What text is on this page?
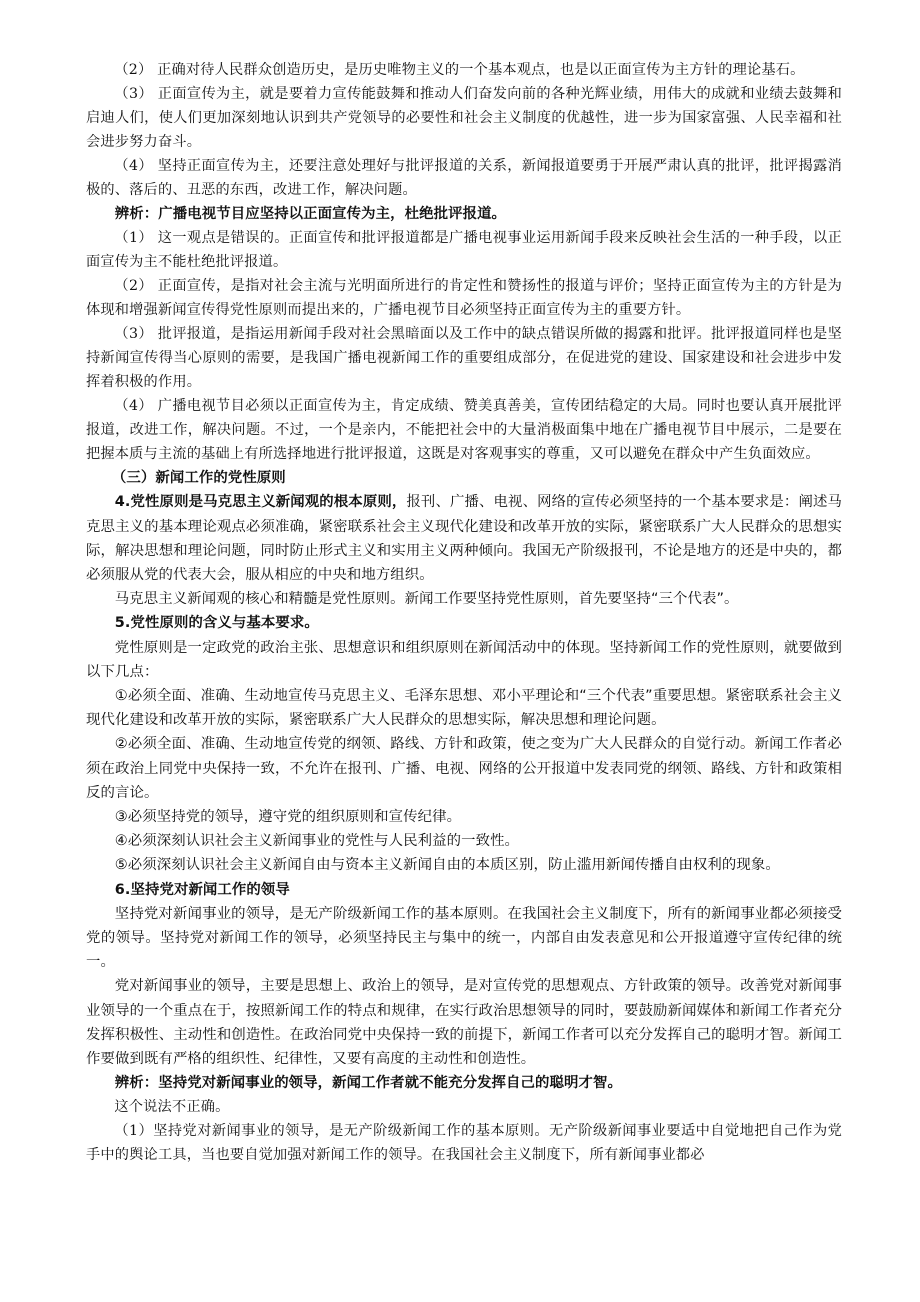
（2） 正确对待人民群众创造历史，是历史唯物主义的一个基本观点，也是以正面宣传为主方针的理论基石。

（3） 正面宣传为主，就是要着力宣传能鼓舞和推动人们奋发向前的各种光辉业绩，用伟大的成就和业绩去鼓舞和启迪人们，使人们更加深刻地认识到共产党领导的必要性和社会主义制度的优越性，进一步为国家富强、人民幸福和社会进步努力奋斗。

（4） 坚持正面宣传为主，还要注意处理好与批评报道的关系，新闻报道要勇于开展严肃认真的批评，批评揭露消极的、落后的、丑恶的东西，改进工作，解决问题。

辨析：广播电视节目应坚持以正面宣传为主，杜绝批评报道。

（1） 这一观点是错误的。正面宣传和批评报道都是广播电视事业运用新闻手段来反映社会生活的一种手段，以正面宣传为主不能杜绝批评报道。

（2） 正面宣传，是指对社会主流与光明面所进行的肯定性和赞扬性的报道与评价；坚持正面宣传为主的方针是为体现和增强新闻宣传得党性原则而提出来的，广播电视节目必须坚持正面宣传为主的重要方针。

（3） 批评报道，是指运用新闻手段对社会黑暗面以及工作中的缺点错误所做的揭露和批评。批评报道同样也是坚持新闻宣传得当心原则的需要，是我国广播电视新闻工作的重要组成部分，在促进党的建设、国家建设和社会进步中发挥着积极的作用。

（4） 广播电视节目必须以正面宣传为主，肯定成绩、赞美真善美，宣传团结稳定的大局。同时也要认真开展批评报道，改进工作，解决问题。不过，一个是亲内，不能把社会中的大量消极面集中地在广播电视节目中展示，二是要在把握本质与主流的基础上有所选择地进行批评报道，这既是对客观事实的尊重，又可以避免在群众中产生负面效应。

（三）新闻工作的党性原则

4.党性原则是马克思主义新闻观的根本原则，报刊、广播、电视、网络的宣传必须坚持的一个基本要求是：阐述马克思主义的基本理论观点必须准确，紧密联系社会主义现代化建设和改革开放的实际，紧密联系广大人民群众的思想实际，解决思想和理论问题，同时防止形式主义和实用主义两种倾向。我国无产阶级报刊，不论是地方的还是中央的，都必须服从党的代表大会，服从相应的中央和地方组织。

马克思主义新闻观的核心和精髓是党性原则。新闻工作要坚持党性原则，首先要坚持“三个代表”。

5.党性原则的含义与基本要求。

党性原则是一定政党的政治主张、思想意识和组织原则在新闻活动中的体现。坚持新闻工作的党性原则，就要做到以下几点：

①必须全面、准确、生动地宣传马克思主义、毛泽东思想、邓小平理论和“三个代表”重要思想。紧密联系社会主义现代化建设和改革开放的实际，紧密联系广大人民群众的思想实际，解决思想和理论问题。

②必须全面、准确、生动地宣传党的纲领、路线、方针和政策，使之变为广大人民群众的自觉行动。新闻工作者必须在政治上同党中央保持一致，不允许在报刊、广播、电视、网络的公开报道中发表同党的纲领、路线、方针和政策相反的言论。

③必须坚持党的领导，遵守党的组织原则和宣传纪律。

④必须深刻认识社会主义新闻事业的党性与人民利益的一致性。

⑤必须深刻认识社会主义新闻自由与资本主义新闻自由的本质区别，防止滥用新闻传播自由权利的现象。

6.坚持党对新闻工作的领导

坚持党对新闻事业的领导，是无产阶级新闻工作的基本原则。在我国社会主义制度下，所有的新闻事业都必须接受党的领导。坚持党对新闻工作的领导，必须坚持民主与集中的统一，内部自由发表意见和公开报道遵守宣传纪律的统一。

党对新闻事业的领导，主要是思想上、政治上的领导，是对宣传党的思想观点、方针政策的领导。改善党对新闻事业领导的一个重点在于，按照新闻工作的特点和规律，在实行政治思想领导的同时，要鼓励新闻媒体和新闻工作者充分发挥积极性、主动性和创造性。在政治同党中央保持一致的前提下，新闻工作者可以充分发挥自己的聪明才智。新闻工作要做到既有严格的组织性、纪律性，又要有高度的主动性和创造性。

辨析：坚持党对新闻事业的领导，新闻工作者就不能充分发挥自己的聪明才智。

这个说法不正确。

（1）坚持党对新闻事业的领导，是无产阶级新闻工作的基本原则。无产阶级新闻事业要适中自觉地把自己作为党手中的舆论工具，当也要自觉加强对新闻工作的领导。在我国社会主义制度下，所有新闻事业都必
